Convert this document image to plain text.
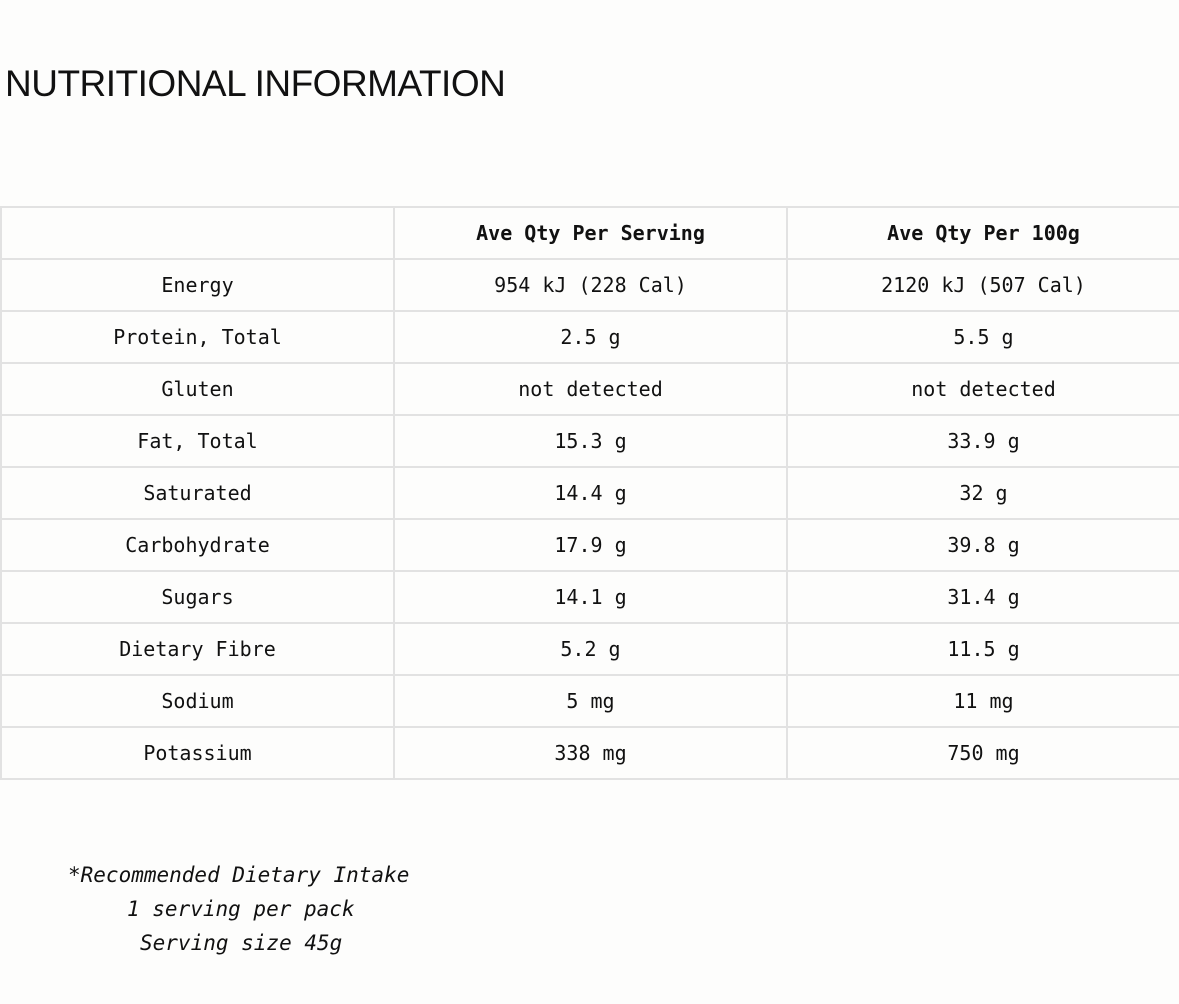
NUTRITIONAL INFORMATION
	Ave Qty Per Serving	Ave Qty Per 100g
Energy	954 kJ (228 Cal)	2120 kJ (507 Cal)
Protein, Total	2.5 g	5.5 g
Gluten	not detected	not detected
Fat, Total	15.3 g	33.9 g
Saturated	14.4 g	32 g
Carbohydrate	17.9 g	39.8 g
Sugars	14.1 g	31.4 g
Dietary Fibre	5.2 g	11.5 g
Sodium	5 mg	11 mg
Potassium	338 mg	750 mg
*Recommended Dietary Intake
1 serving per pack
Serving size 45g
